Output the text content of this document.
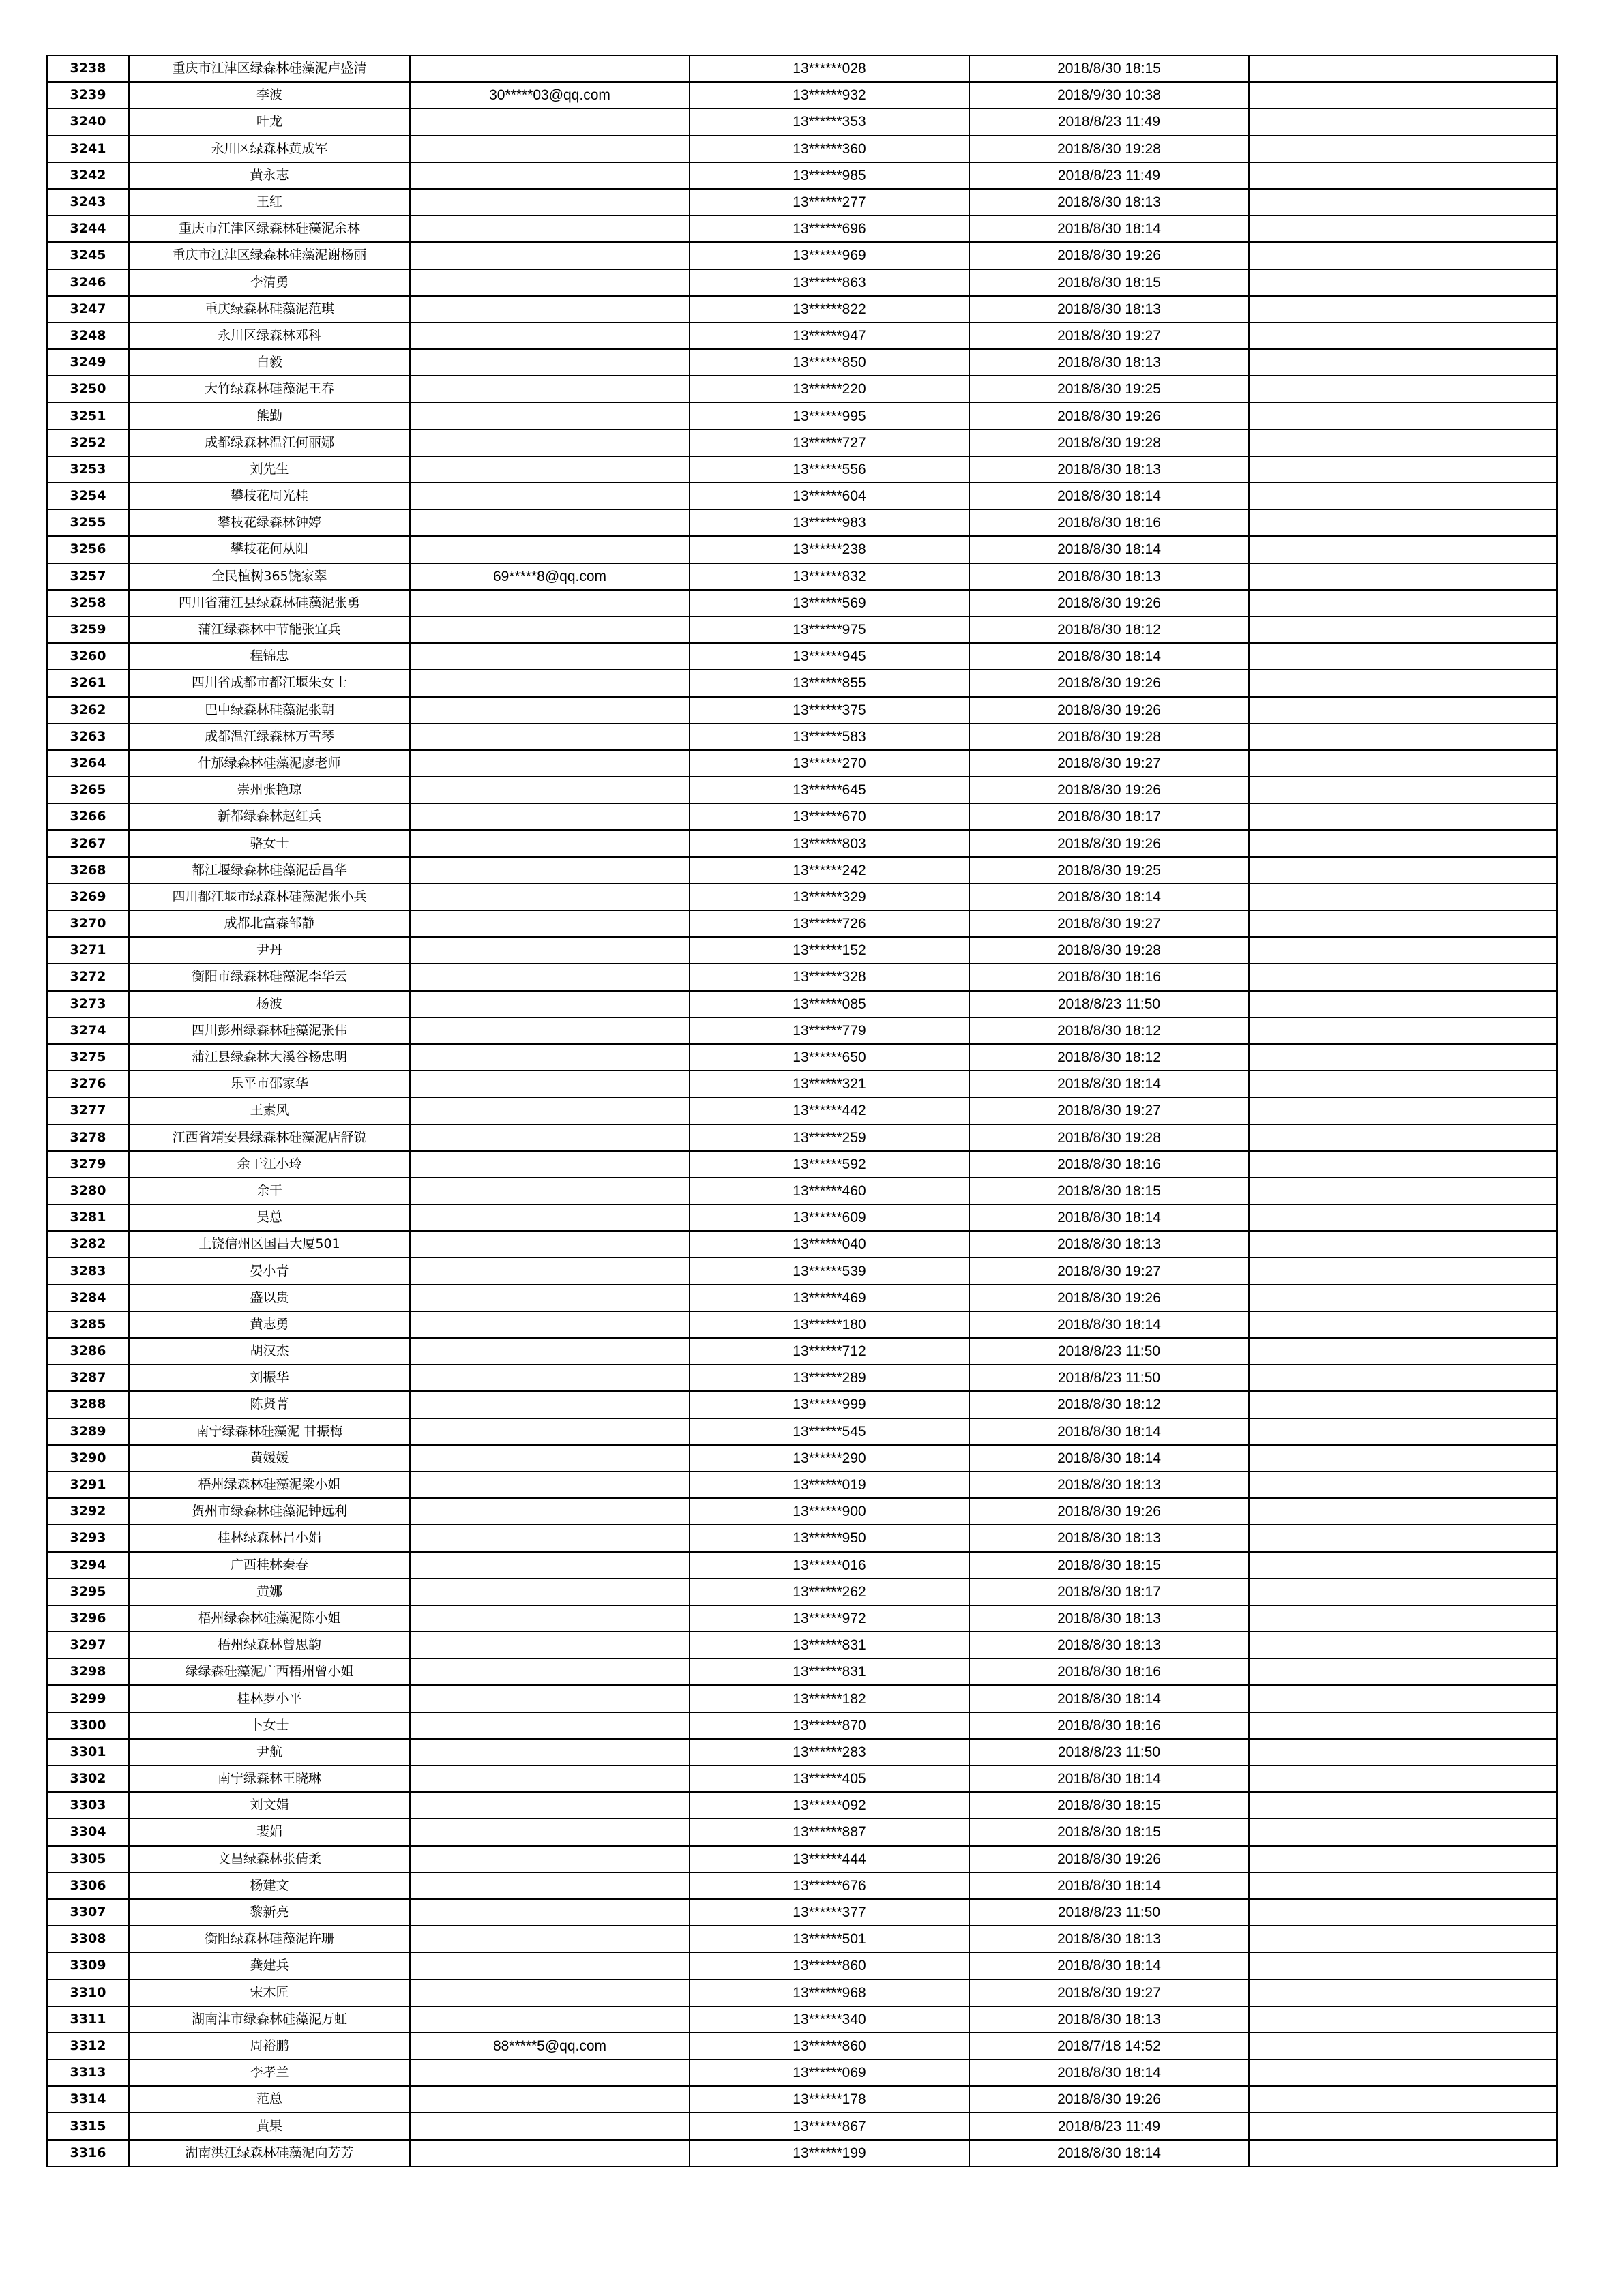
3238	重庆市江津区绿森林硅藻泥卢盛清		13******028	2018/8/30 18:15	
3239	李波	30*****03@qq.com	13******932	2018/9/30 10:38	
3240	叶龙		13******353	2018/8/23 11:49	
3241	永川区绿森林黄成军		13******360	2018/8/30 19:28	
3242	黄永志		13******985	2018/8/23 11:49	
3243	王红		13******277	2018/8/30 18:13	
3244	重庆市江津区绿森林硅藻泥余林		13******696	2018/8/30 18:14	
3245	重庆市江津区绿森林硅藻泥谢杨丽		13******969	2018/8/30 19:26	
3246	李清勇		13******863	2018/8/30 18:15	
3247	重庆绿森林硅藻泥范琪		13******822	2018/8/30 18:13	
3248	永川区绿森林邓科		13******947	2018/8/30 19:27	
3249	白毅		13******850	2018/8/30 18:13	
3250	大竹绿森林硅藻泥王春		13******220	2018/8/30 19:25	
3251	熊勤		13******995	2018/8/30 19:26	
3252	成都绿森林温江何丽娜		13******727	2018/8/30 19:28	
3253	刘先生		13******556	2018/8/30 18:13	
3254	攀枝花周光桂		13******604	2018/8/30 18:14	
3255	攀枝花绿森林钟婷		13******983	2018/8/30 18:16	
3256	攀枝花何从阳		13******238	2018/8/30 18:14	
3257	全民植树365饶家翠	69*****8@qq.com	13******832	2018/8/30 18:13	
3258	四川省蒲江县绿森林硅藻泥张勇		13******569	2018/8/30 19:26	
3259	蒲江绿森林中节能张宜兵		13******975	2018/8/30 18:12	
3260	程锦忠		13******945	2018/8/30 18:14	
3261	四川省成都市都江堰朱女士		13******855	2018/8/30 19:26	
3262	巴中绿森林硅藻泥张朝		13******375	2018/8/30 19:26	
3263	成都温江绿森林万雪琴		13******583	2018/8/30 19:28	
3264	什邡绿森林硅藻泥廖老师		13******270	2018/8/30 19:27	
3265	崇州张艳琼		13******645	2018/8/30 19:26	
3266	新都绿森林赵红兵		13******670	2018/8/30 18:17	
3267	骆女士		13******803	2018/8/30 19:26	
3268	都江堰绿森林硅藻泥岳昌华		13******242	2018/8/30 19:25	
3269	四川都江堰市绿森林硅藻泥张小兵		13******329	2018/8/30 18:14	
3270	成都北富森邹静		13******726	2018/8/30 19:27	
3271	尹丹		13******152	2018/8/30 19:28	
3272	衡阳市绿森林硅藻泥李华云		13******328	2018/8/30 18:16	
3273	杨波		13******085	2018/8/23 11:50	
3274	四川彭州绿森林硅藻泥张伟		13******779	2018/8/30 18:12	
3275	蒲江县绿森林大溪谷杨忠明		13******650	2018/8/30 18:12	
3276	乐平市邵家华		13******321	2018/8/30 18:14	
3277	王素风		13******442	2018/8/30 19:27	
3278	江西省靖安县绿森林硅藻泥店舒锐		13******259	2018/8/30 19:28	
3279	余干江小玲		13******592	2018/8/30 18:16	
3280	余干		13******460	2018/8/30 18:15	
3281	吴总		13******609	2018/8/30 18:14	
3282	上饶信州区国昌大厦501		13******040	2018/8/30 18:13	
3283	晏小青		13******539	2018/8/30 19:27	
3284	盛以贵		13******469	2018/8/30 19:26	
3285	黄志勇		13******180	2018/8/30 18:14	
3286	胡汉杰		13******712	2018/8/23 11:50	
3287	刘振华		13******289	2018/8/23 11:50	
3288	陈贤菁		13******999	2018/8/30 18:12	
3289	南宁绿森林硅藻泥 甘振梅		13******545	2018/8/30 18:14	
3290	黄媛媛		13******290	2018/8/30 18:14	
3291	梧州绿森林硅藻泥梁小姐		13******019	2018/8/30 18:13	
3292	贺州市绿森林硅藻泥钟远利		13******900	2018/8/30 19:26	
3293	桂林绿森林吕小娟		13******950	2018/8/30 18:13	
3294	广西桂林秦春		13******016	2018/8/30 18:15	
3295	黄娜		13******262	2018/8/30 18:17	
3296	梧州绿森林硅藻泥陈小姐		13******972	2018/8/30 18:13	
3297	梧州绿森林曾思韵		13******831	2018/8/30 18:13	
3298	绿绿森硅藻泥广西梧州曾小姐		13******831	2018/8/30 18:16	
3299	桂林罗小平		13******182	2018/8/30 18:14	
3300	卜女士		13******870	2018/8/30 18:16	
3301	尹航		13******283	2018/8/23 11:50	
3302	南宁绿森林王晓琳		13******405	2018/8/30 18:14	
3303	刘文娟		13******092	2018/8/30 18:15	
3304	裴娟		13******887	2018/8/30 18:15	
3305	文昌绿森林张倩柔		13******444	2018/8/30 19:26	
3306	杨建文		13******676	2018/8/30 18:14	
3307	黎新亮		13******377	2018/8/23 11:50	
3308	衡阳绿森林硅藻泥许珊		13******501	2018/8/30 18:13	
3309	龚建兵		13******860	2018/8/30 18:14	
3310	宋木匠		13******968	2018/8/30 19:27	
3311	湖南津市绿森林硅藻泥万虹		13******340	2018/8/30 18:13	
3312	周裕鹏	88*****5@qq.com	13******860	2018/7/18 14:52	
3313	李孝兰		13******069	2018/8/30 18:14	
3314	范总		13******178	2018/8/30 19:26	
3315	黄果		13******867	2018/8/23 11:49	
3316	湖南洪江绿森林硅藻泥向芳芳		13******199	2018/8/30 18:14	
